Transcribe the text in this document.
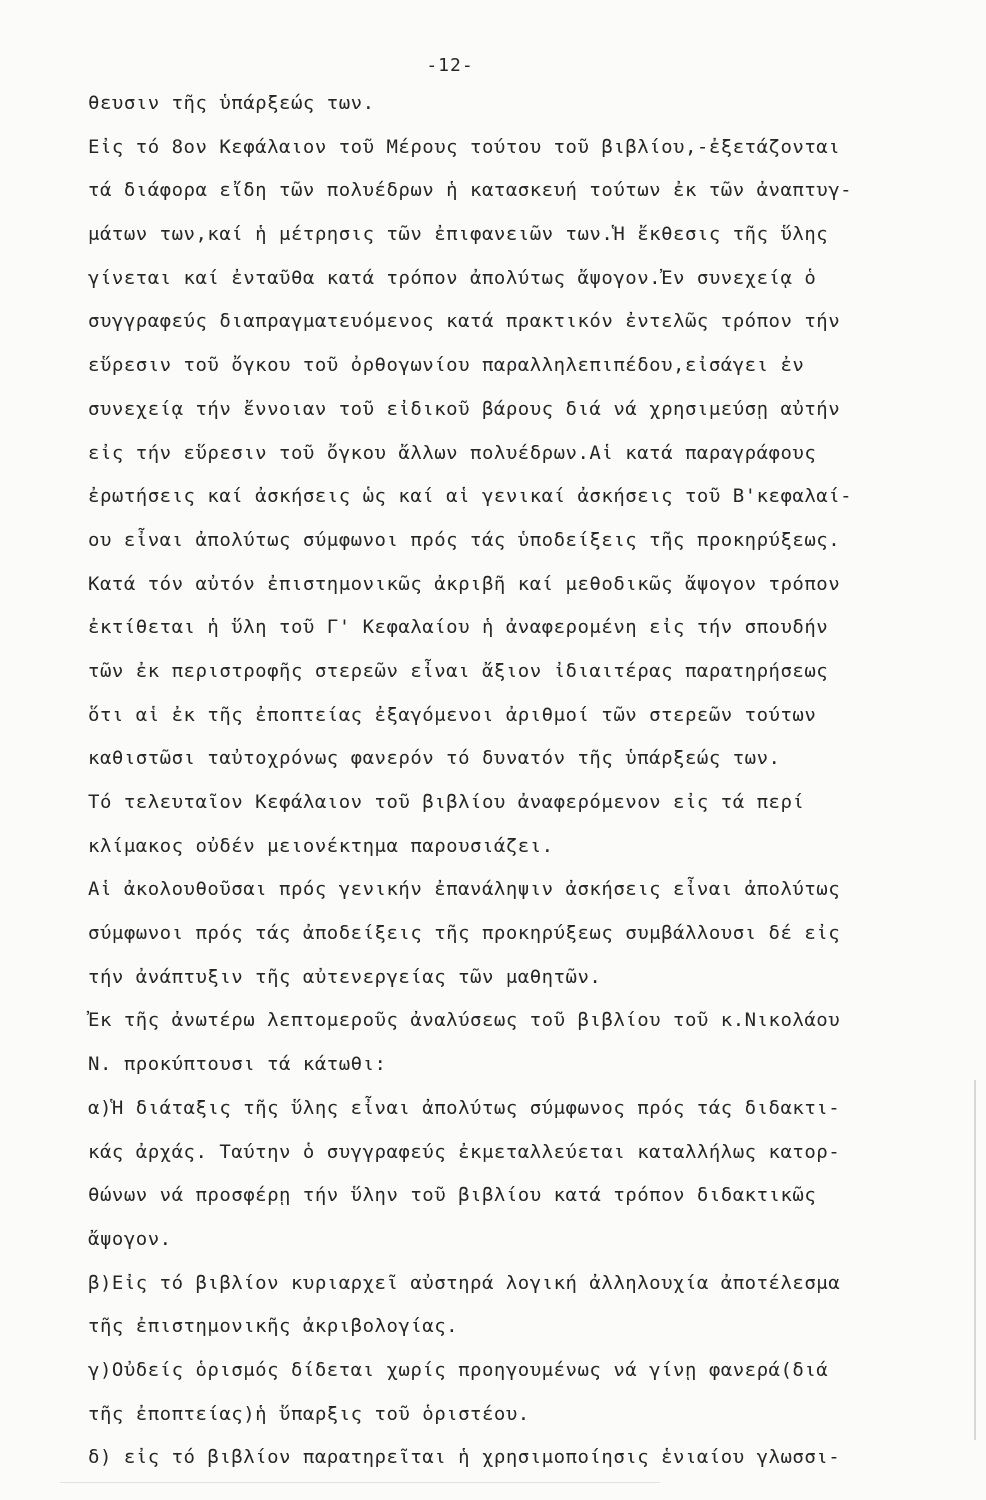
-12-
θευσιν τῆς ὑπάρξεώς των.
Εἰς τό 8ον Κεφάλαιον τοῦ Μέρους τούτου τοῦ βιβλίου,-ἐξετάζονται
τά διάφορα εἴδη τῶν πολυέδρων ἡ κατασκευή τούτων ἐκ τῶν ἀναπτυγ-
μάτων των,καί ἡ μέτρησις τῶν ἐπιφανειῶν των.Ἡ ἔκθεσις τῆς ὕλης
γίνεται καί ἐνταῦθα κατά τρόπον ἀπολύτως ἄψογον.Ἐν συνεχείᾳ ὁ
συγγραφεύς διαπραγματευόμενος κατά πρακτικόν ἐντελῶς τρόπον τήν
εὕρεσιν τοῦ ὄγκου τοῦ ὀρθογωνίου παραλληλεπιπέδου,εἰσάγει ἐν
συνεχείᾳ τήν ἔννοιαν τοῦ εἰδικοῦ βάρους διά νά χρησιμεύσῃ αὐτήν
εἰς τήν εὕρεσιν τοῦ ὄγκου ἄλλων πολυέδρων.Αἱ κατά παραγράφους
ἐρωτήσεις καί ἀσκήσεις ὡς καί αἱ γενικαί ἀσκήσεις τοῦ Β'κεφαλαί-
ου εἶναι ἀπολύτως σύμφωνοι πρός τάς ὑποδείξεις τῆς προκηρύξεως.
Κατά τόν αὐτόν ἐπιστημονικῶς ἀκριβῆ καί μεθοδικῶς ἄψογον τρόπον
ἐκτίθεται ἡ ὕλη τοῦ Γ' Κεφαλαίου ἡ ἀναφερομένη εἰς τήν σπουδήν
τῶν ἐκ περιστροφῆς στερεῶν εἶναι ἄξιον ἰδιαιτέρας παρατηρήσεως
ὅτι αἱ ἐκ τῆς ἐποπτείας ἐξαγόμενοι ἀριθμοί τῶν στερεῶν τούτων
καθιστῶσι ταὐτοχρόνως φανερόν τό δυνατόν τῆς ὑπάρξεώς των.
Τό τελευταῖον Κεφάλαιον τοῦ βιβλίου ἀναφερόμενον εἰς τά περί
κλίμακος οὐδέν μειονέκτημα παρουσιάζει.
Αἱ ἀκολουθοῦσαι πρός γενικήν ἐπανάληψιν ἀσκήσεις εἶναι ἀπολύτως
σύμφωνοι πρός τάς ἀποδείξεις τῆς προκηρύξεως συμβάλλουσι δέ εἰς
τήν ἀνάπτυξιν τῆς αὐτενεργείας τῶν μαθητῶν.
Ἐκ τῆς ἀνωτέρω λεπτομεροῦς ἀναλύσεως τοῦ βιβλίου τοῦ κ.Νικολάου
Ν. προκύπτουσι τά κάτωθι:
α)Ἡ διάταξις τῆς ὕλης εἶναι ἀπολύτως σύμφωνος πρός τάς διδακτι-
κάς ἀρχάς. Ταύτην ὁ συγγραφεύς ἐκμεταλλεύεται καταλλήλως κατορ-
θώνων νά προσφέρῃ τήν ὕλην τοῦ βιβλίου κατά τρόπον διδακτικῶς
ἄψογον.
β)Εἰς τό βιβλίον κυριαρχεῖ αὐστηρά λογική ἀλληλουχία ἀποτέλεσμα
τῆς ἐπιστημονικῆς ἀκριβολογίας.
γ)Οὐδείς ὁρισμός δίδεται χωρίς προηγουμένως νά γίνῃ φανερά(διά
τῆς ἐποπτείας)ἡ ὕπαρξις τοῦ ὁριστέου.
δ) εἰς τό βιβλίον παρατηρεῖται ἡ χρησιμοποίησις ἑνιαίου γλωσσι-
